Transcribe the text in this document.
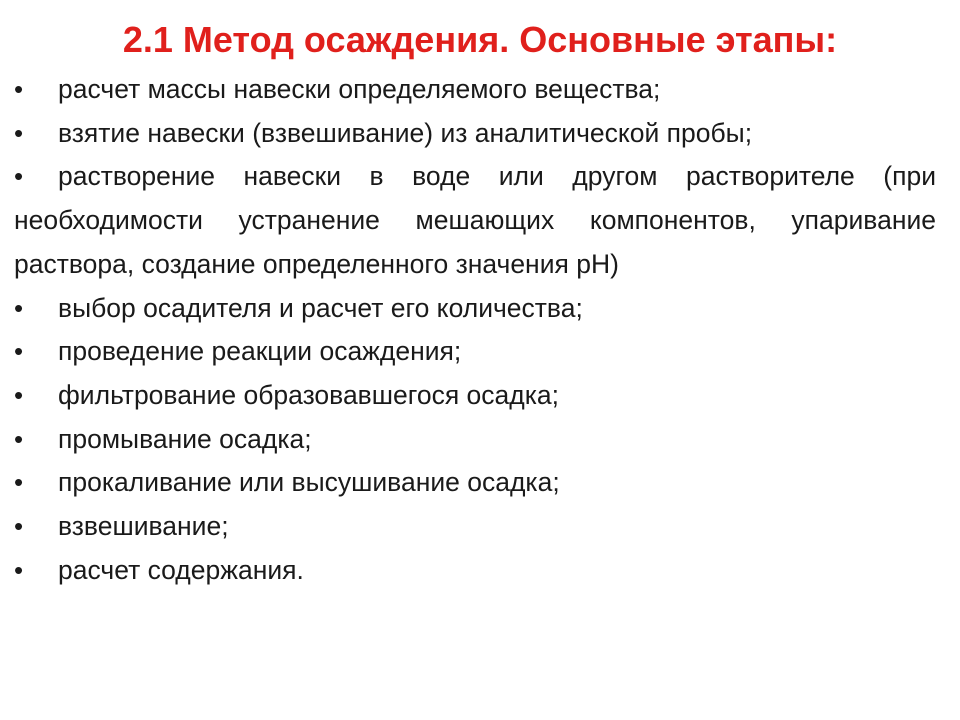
2.1 Метод осаждения. Основные этапы:
• расчет массы навески определяемого вещества;
• взятие навески (взвешивание) из аналитической пробы;
• растворение навески в воде или другом растворителе (при необходимости устранение мешающих компонентов, упаривание раствора, создание определенного значения pH)
• выбор осадителя и расчет его количества;
• проведение реакции осаждения;
• фильтрование образовавшегося осадка;
• промывание осадка;
• прокаливание или высушивание осадка;
• взвешивание;
• расчет содержания.
